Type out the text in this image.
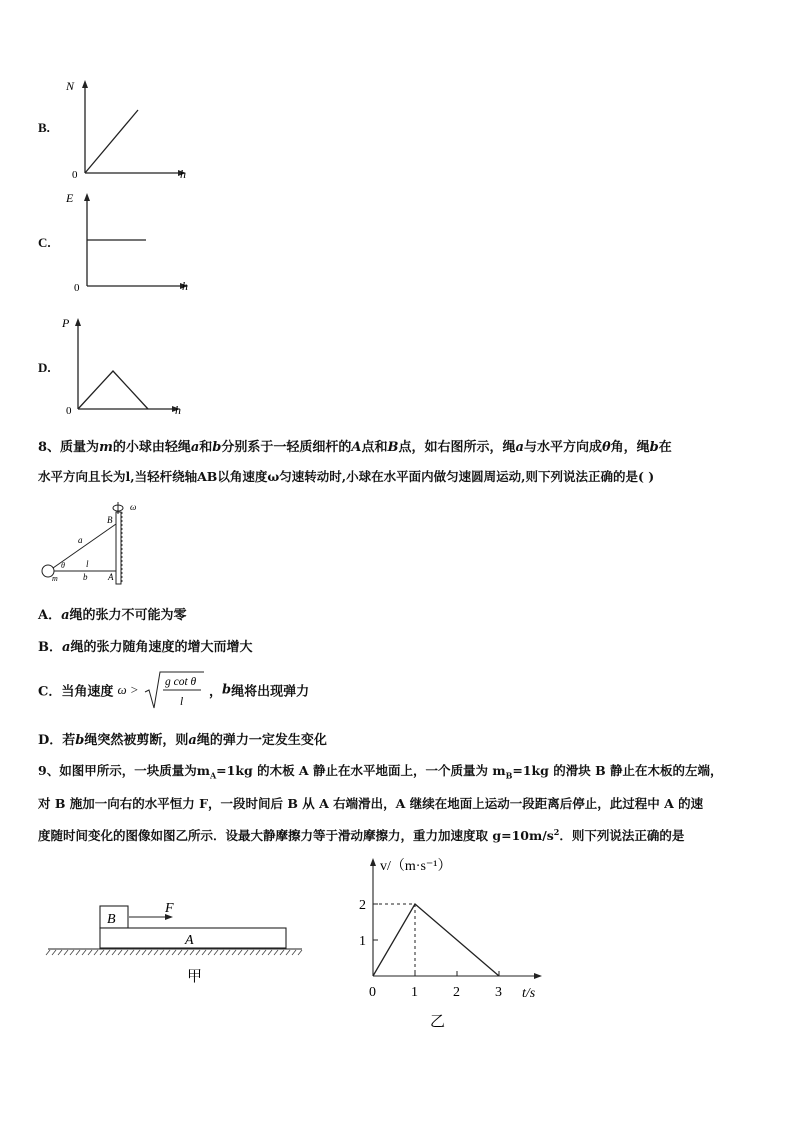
B.
N
0	h
C.
E
0	h
D.
P
0	h
8、质量为m的小球由轻绳a和b分别系于一轻质细杆的A点和B点，如右图所示，绳a与水平方向成θ角，绳b在
水平方向且长为l,当轻杆绕轴AB以角速度ω匀速转动时,小球在水平面内做匀速圆周运动,则下列说法正确的是( )
B
ω
a
θ l
m	b A
A．a绳的张力不可能为零
B．a绳的张力随角速度的增大而增大
C．当角速度 ω > g cot θ
l
，b绳将出现弹力
D．若b绳突然被剪断，则a绳的弹力一定发生变化
9、如图甲所示，一块质量为$m_A=1kg$ 的木板 A 静止在水平地面上，一个质量为 $m_B=1kg$ 的滑块 B 静止在木板的左端，
对 B 施加一向右的水平恒力 F，一段时间后 B 从 A 右端滑出，A 继续在地面上运动一段距离后停止，此过程中 A 的速
度随时间变化的图像如图乙所示．设最大静摩擦力等于滑动摩擦力，重力加速度取 $g=10m/s^2$．则下列说法正确的是
B
F
A
甲
v/（m·s⁻¹）
t/s
乙
0	1	2	3
2
1
